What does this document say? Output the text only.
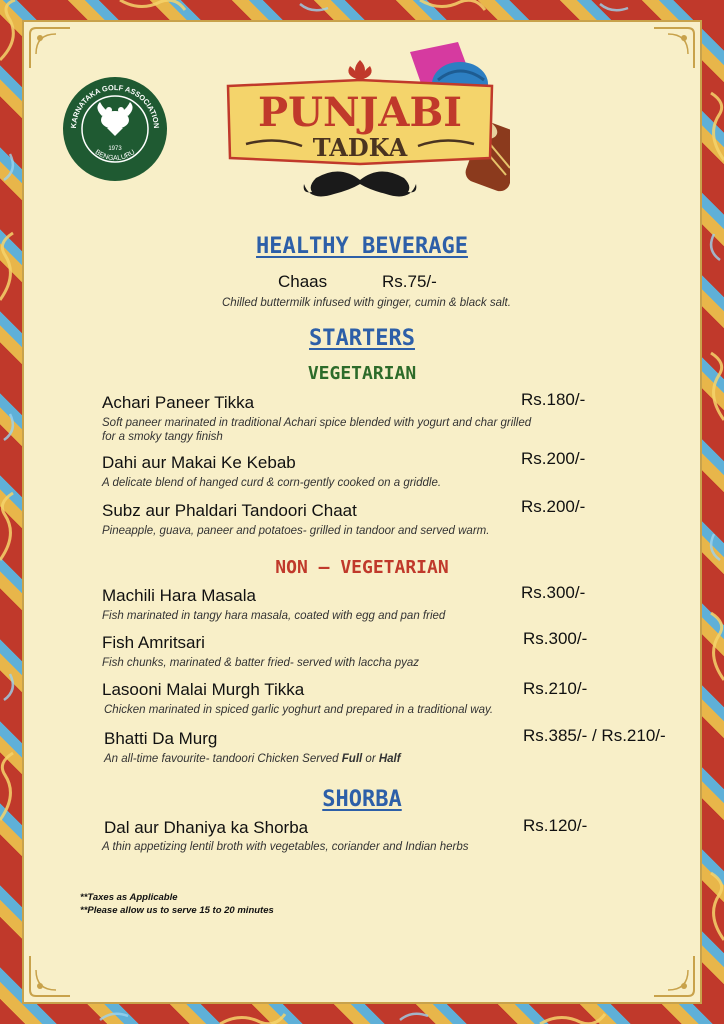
KARNATAKA GOLF ASSOCIATION
BENGALURU
1973
PUNJABI
TADKA
HEALTHY BEVERAGE
Chaas	Rs.75/-
Chilled buttermilk infused with ginger, cumin & black salt.
STARTERS
VEGETARIAN
Achari Paneer Tikka	Rs.180/-
Soft paneer marinated in traditional Achari spice blended with yogurt and char grilled
for a smoky tangy finish
Dahi aur Makai Ke Kebab	Rs.200/-
A delicate blend of hanged curd & corn-gently cooked on a griddle.
Subz aur Phaldari Tandoori Chaat	Rs.200/-
Pineapple, guava, paneer and potatoes- grilled in tandoor and served warm.
NON – VEGETARIAN
Machili Hara Masala	Rs.300/-
Fish marinated in tangy hara masala, coated with egg and pan fried
Fish Amritsari	Rs.300/-
Fish chunks, marinated & batter fried- served with laccha pyaz
Lasooni Malai Murgh Tikka	Rs.210/-
Chicken marinated in spiced garlic yoghurt and prepared in a traditional way.
Bhatti Da Murg	Rs.385/- / Rs.210/-
An all-time favourite- tandoori Chicken Served Full or Half
SHORBA
Dal aur Dhaniya ka Shorba	Rs.120/-
A thin appetizing lentil broth with vegetables, coriander and Indian herbs
**Taxes as Applicable
**Please allow us to serve 15 to 20 minutes
